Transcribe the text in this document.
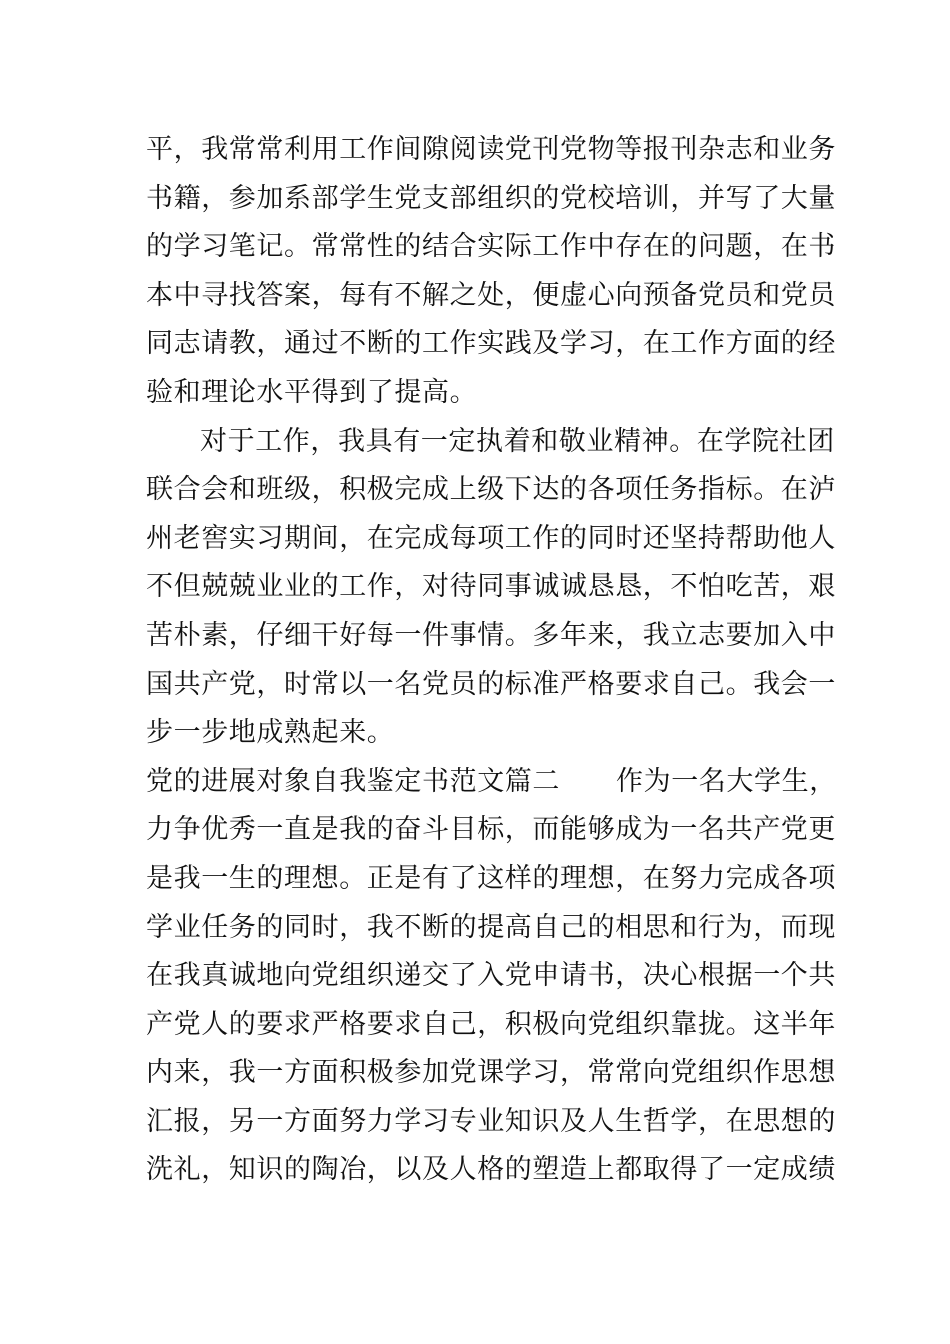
平，我常常利用工作间隙阅读党刊党物等报刊杂志和业务
书籍，参加系部学生党支部组织的党校培训，并写了大量
的学习笔记。常常性的结合实际工作中存在的问题，在书
本中寻找答案，每有不解之处，便虚心向预备党员和党员
同志请教，通过不断的工作实践及学习，在工作方面的经
验和理论水平得到了提高。
对于工作，我具有一定执着和敬业精神。在学院社团
联合会和班级，积极完成上级下达的各项任务指标。在泸
州老窖实习期间，在完成每项工作的同时还坚持帮助他人
不但兢兢业业的工作，对待同事诚诚恳恳，不怕吃苦，艰
苦朴素，仔细干好每一件事情。多年来，我立志要加入中
国共产党，时常以一名党员的标准严格要求自己。我会一
步一步地成熟起来。
党的进展对象自我鉴定书范文篇二 作为一名大学生，
力争优秀一直是我的奋斗目标，而能够成为一名共产党更
是我一生的理想。正是有了这样的理想，在努力完成各项
学业任务的同时，我不断的提高自己的相思和行为，而现
在我真诚地向党组织递交了入党申请书，决心根据一个共
产党人的要求严格要求自己，积极向党组织靠拢。这半年
内来，我一方面积极参加党课学习，常常向党组织作思想
汇报，另一方面努力学习专业知识及人生哲学，在思想的
洗礼，知识的陶冶，以及人格的塑造上都取得了一定成绩
